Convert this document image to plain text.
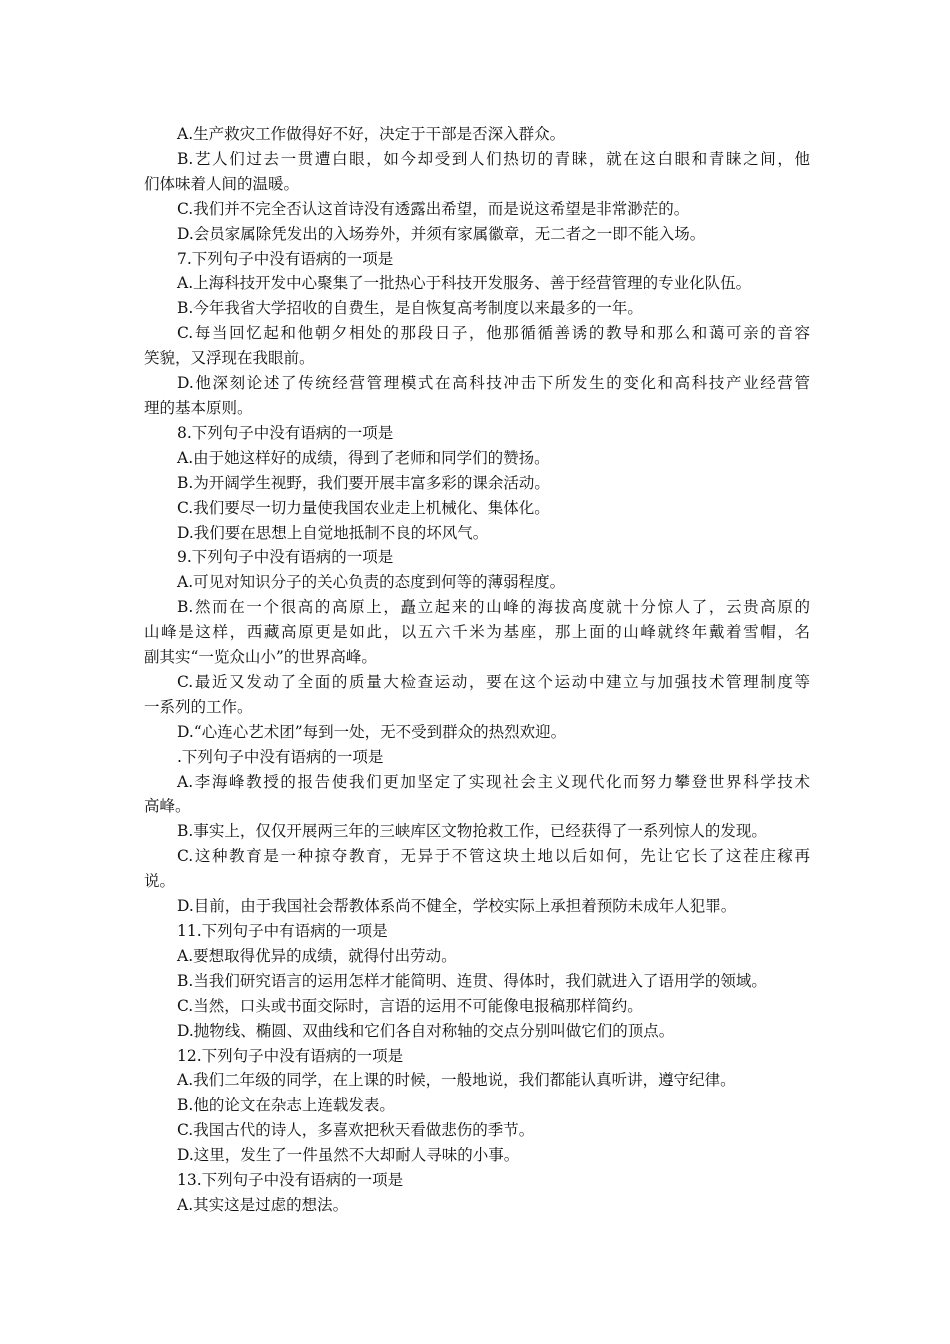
A.生产救灾工作做得好不好，决定于干部是否深入群众。
B.艺人们过去一贯遭白眼，如今却受到人们热切的青睐，就在这白眼和青睐之间，他
们体味着人间的温暖。
C.我们并不完全否认这首诗没有透露出希望，而是说这希望是非常渺茫的。
D.会员家属除凭发出的入场券外，并须有家属徽章，无二者之一即不能入场。
7.下列句子中没有语病的一项是
A.上海科技开发中心聚集了一批热心于科技开发服务、善于经营管理的专业化队伍。
B.今年我省大学招收的自费生，是自恢复高考制度以来最多的一年。
C.每当回忆起和他朝夕相处的那段日子，他那循循善诱的教导和那么和蔼可亲的音容
笑貌，又浮现在我眼前。
D.他深刻论述了传统经营管理模式在高科技冲击下所发生的变化和高科技产业经营管
理的基本原则。
8.下列句子中没有语病的一项是
A.由于她这样好的成绩，得到了老师和同学们的赞扬。
B.为开阔学生视野，我们要开展丰富多彩的课余活动。
C.我们要尽一切力量使我国农业走上机械化、集体化。
D.我们要在思想上自觉地抵制不良的坏风气。
9.下列句子中没有语病的一项是
A.可见对知识分子的关心负责的态度到何等的薄弱程度。
B.然而在一个很高的高原上，矗立起来的山峰的海拔高度就十分惊人了，云贵高原的
山峰是这样，西藏高原更是如此，以五六千米为基座，那上面的山峰就终年戴着雪帽，名
副其实“一览众山小”的世界高峰。
C.最近又发动了全面的质量大检查运动，要在这个运动中建立与加强技术管理制度等
一系列的工作。
D.“心连心艺术团”每到一处，无不受到群众的热烈欢迎。
.下列句子中没有语病的一项是
A.李海峰教授的报告使我们更加坚定了实现社会主义现代化而努力攀登世界科学技术
高峰。
B.事实上，仅仅开展两三年的三峡库区文物抢救工作，已经获得了一系列惊人的发现。
C.这种教育是一种掠夺教育，无异于不管这块土地以后如何，先让它长了这茬庄稼再
说。
D.目前，由于我国社会帮教体系尚不健全，学校实际上承担着预防未成年人犯罪。
11.下列句子中有语病的一项是
A.要想取得优异的成绩，就得付出劳动。
B.当我们研究语言的运用怎样才能简明、连贯、得体时，我们就进入了语用学的领域。
C.当然，口头或书面交际时，言语的运用不可能像电报稿那样简约。
D.抛物线、椭圆、双曲线和它们各自对称轴的交点分别叫做它们的顶点。
12.下列句子中没有语病的一项是
A.我们二年级的同学，在上课的时候，一般地说，我们都能认真听讲，遵守纪律。
B.他的论文在杂志上连载发表。
C.我国古代的诗人，多喜欢把秋天看做悲伤的季节。
D.这里，发生了一件虽然不大却耐人寻味的小事。
13.下列句子中没有语病的一项是
A.其实这是过虑的想法。
